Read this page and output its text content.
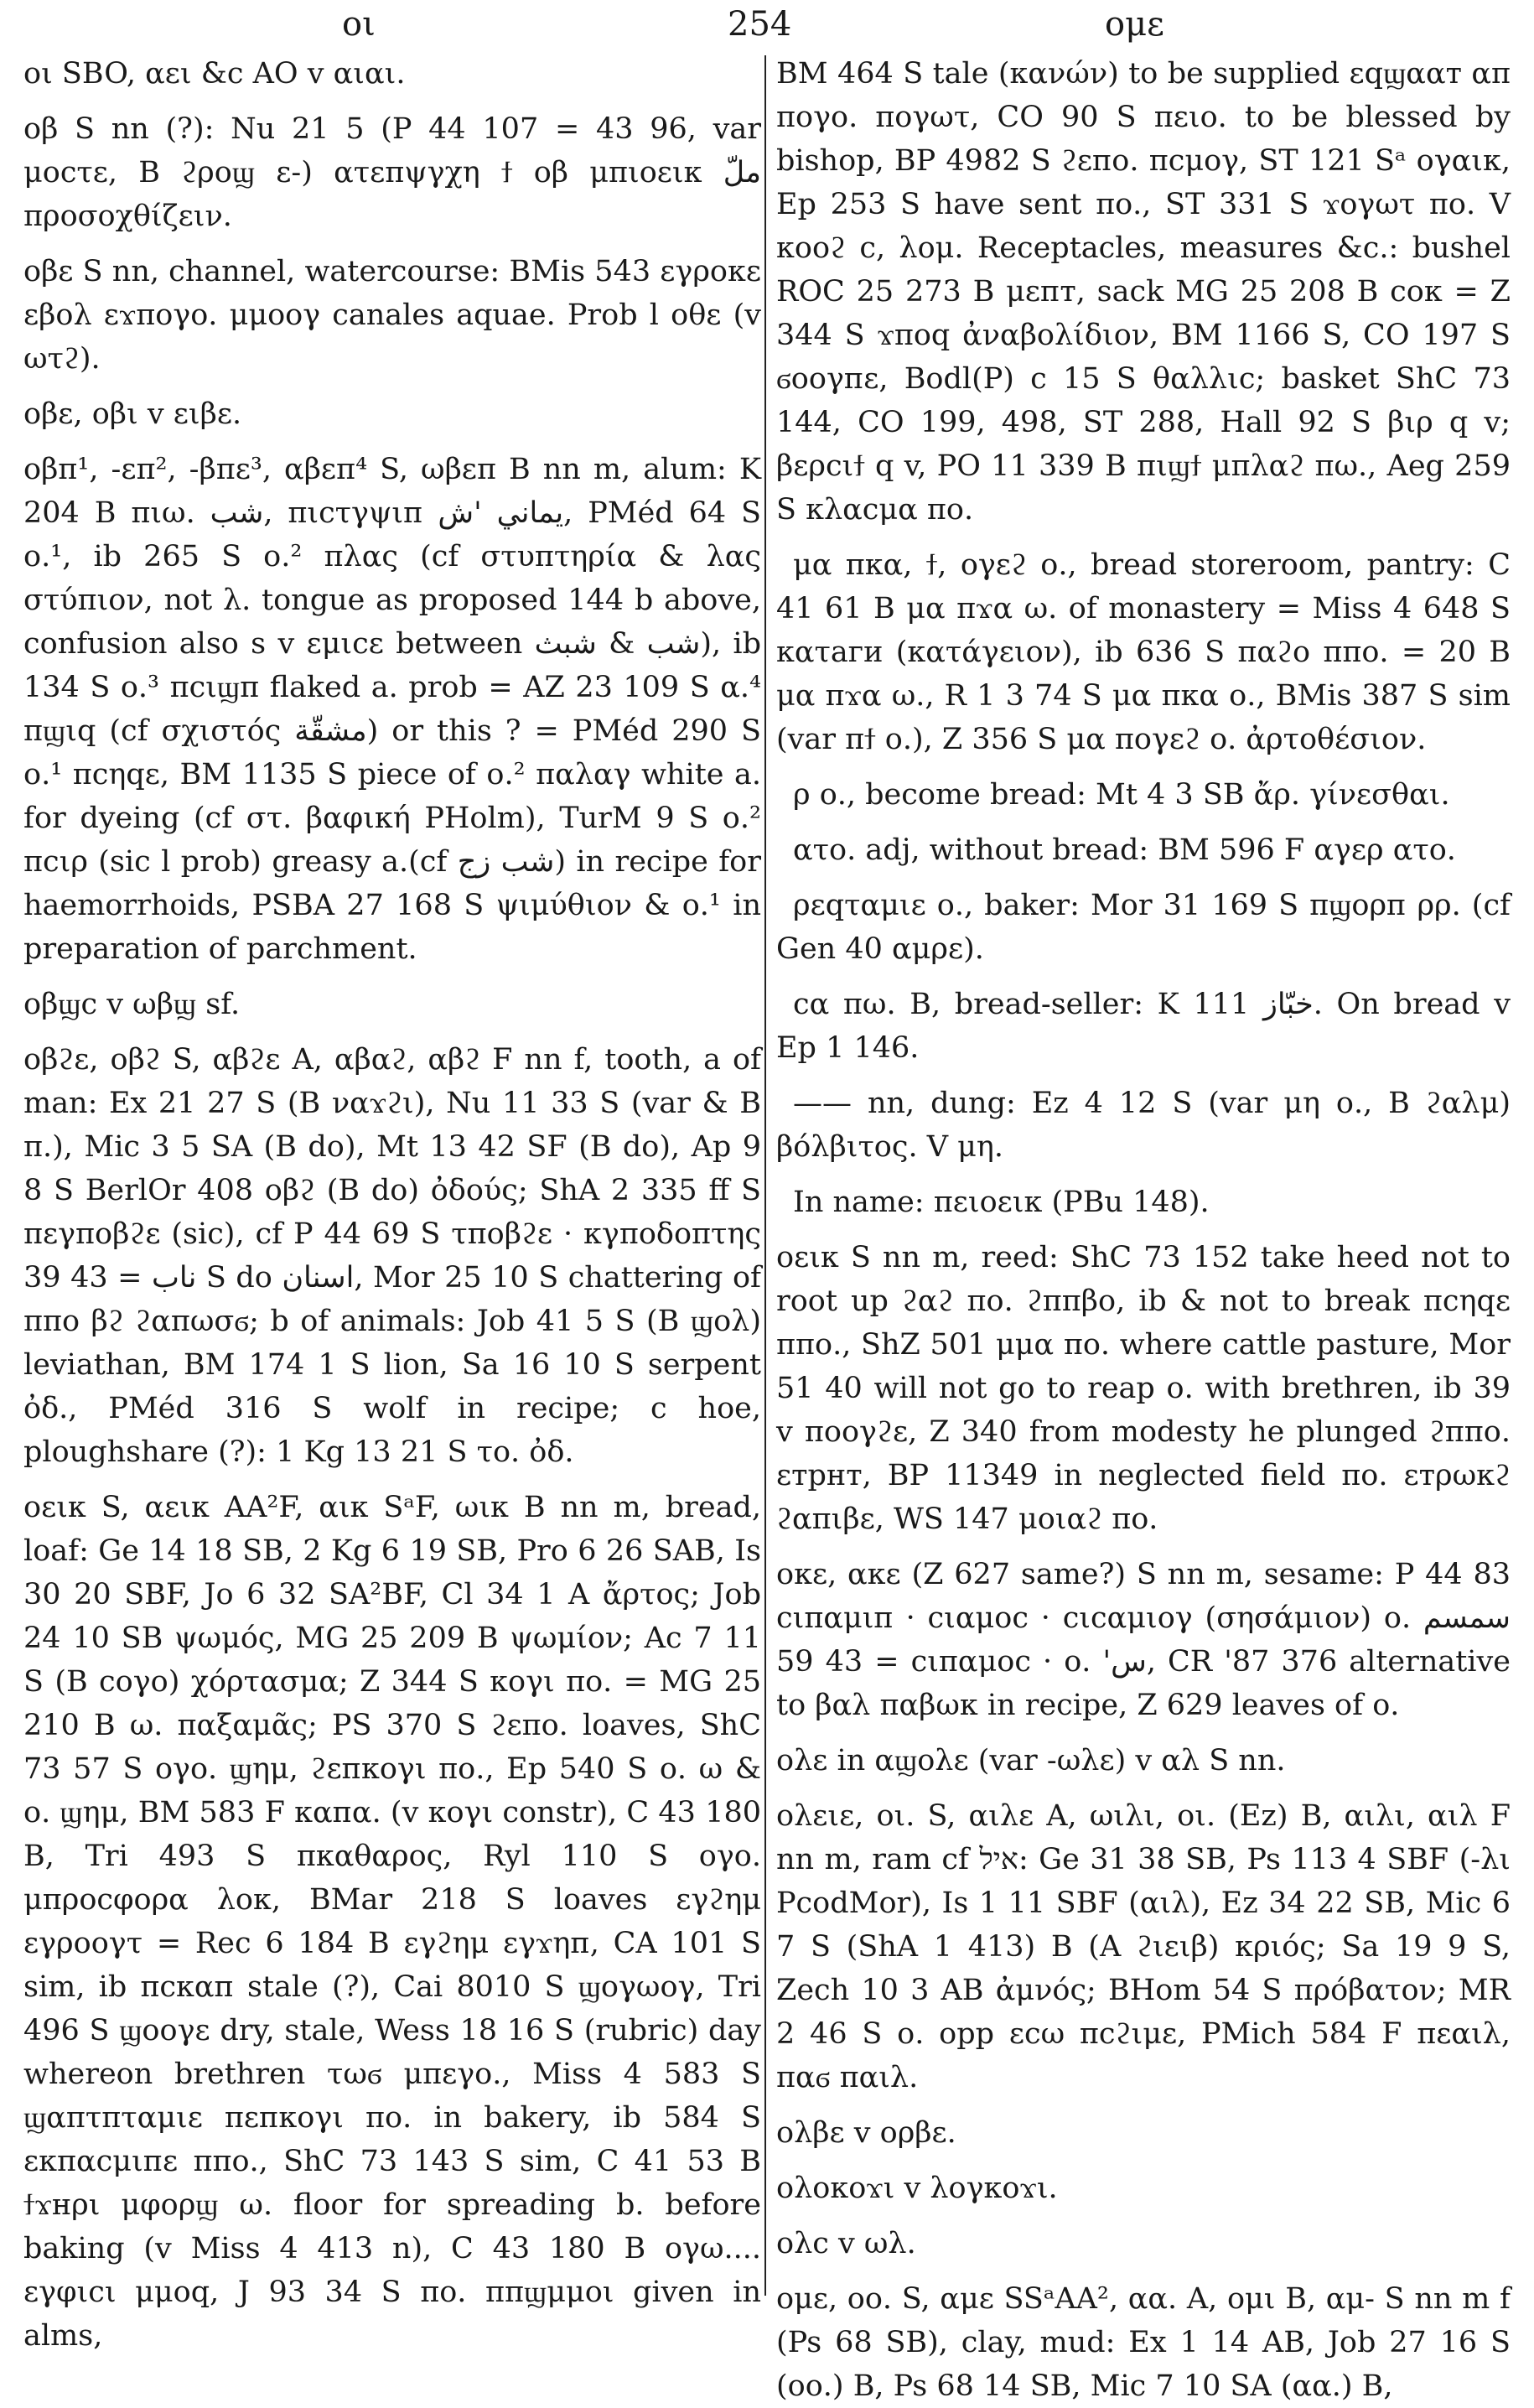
οι	254	ομε

οι SBO, αει &c AO v αιαι.

οβ S nn (?): Nu 21 5 (P 44 107 = 43 96, var μοcτε, B ϩροϣ ε-) ατεπψγχη ϯ οβ μπιοειк ملّ προσοχθίζειν.

οβε S nn, channel, watercourse: BMis 543 εγροκε εβολ εϫπογο. μμοογ canales aquae. Prob l οθε (v ωτϩ).

οβε, οβι v ειβε.

οβπ¹, -επ², -βπε³, αβεπ⁴ S, ωβεπ B nn m, alum: K 204 B πιω. شب, πιcτγψιп يماني 'ش, PMéd 64 S ο.¹, ib 265 S ο.² πλας (cf στυπτηρία & λας στύπιον, not λ. tongue as proposed 144 b above, confusion also s v εμιcε between شب & شبث), ib 134 S ο.³ πcιϣπ flaked a. prob = AZ 23 109 S α.⁴ πϣιq (cf σχιστός مشقّة) or this ? = PMéd 290 S ο.¹ πcηqε, BM 1135 S piece of ο.² παλαγ white a. for dyeing (cf στ. βαφική PHolm), TurM 9 S ο.² πcιρ (sic l prob) greasy a.(cf شب زج) in recipe for haemorrhoids, PSBA 27 168 S ψιμύθιον & ο.¹ in preparation of parchment.

οβϣc v ωβϣ sf.

οβϩε, οβϩ S, αβϩε A, αβαϩ, αβϩ F nn f, tooth, a of man: Ex 21 27 S (B ναϫϩι), Nu 11 33 S (var & B π.), Mic 3 5 SA (B do), Mt 13 42 SF (B do), Ap 9 8 S BerlOr 408 οβϩ (B do) ὀδούς; ShA 2 335 ff S πεγποβϩε (sic), cf P 44 69 S τποβϩε · κγποδοπτης ناب = 43 39 S do اسنان, Mor 25 10 S chattering of ππο βϩ ϩαπωσϭ; b of animals: Job 41 5 S (B ϣολ) leviathan, BM 174 1 S lion, Sa 16 10 S serpent ὀδ., PMéd 316 S wolf in recipe; c hoe, ploughshare (?): 1 Kg 13 21 S το. ὀδ.

οειк S, αειк AA²F, αιк SᵃF, ωιк B nn m, bread, loaf: Ge 14 18 SB, 2 Kg 6 19 SB, Pro 6 26 SAB, Is 30 20 SBF, Jo 6 32 SA²BF, Cl 34 1 A ἄρτος; Job 24 10 SB ψωμός, MG 25 209 B ψωμίον; Ac 7 11 S (B cογο) χόρτασμα; Z 344 S κογι πο. = MG 25 210 B ω. παξαμᾶς; PS 370 S ϩεπο. loaves, ShC 73 57 S ογο. ϣημ, ϩεпκογι πο., Ep 540 S ο. ω & ο. ϣημ, BM 583 F καпα. (v κογι constr), C 43 180 B, Tri 493 S πκαθαρος, Ryl 110 S ογο. μπροcφορα λοκ, BMar 218 S loaves εγϩημ εγροογτ = Rec 6 184 B εγϩημ εγϫηп, CA 101 S sim, ib πcкαп stale (?), Cai 8010 S ϣογωογ, Tri 496 S ϣοογε dry, stale, Wess 18 16 S (rubric) day whereon brethren τωϭ μπεγο., Miss 4 583 S ϣαπτπταμιε πεпκογι πο. in bakery, ib 584 S εκπαcμιпε ππο., ShC 73 143 S sim, C 41 53 B ϯϫнρι μφορϣ ω. floor for spreading b. before baking (v Miss 4 413 n), C 43 180 B ογω.... εγφιcι μμοq, J 93 34 S πο. ππϣμμοι given in alms,

BM 464 S tale (κανών) to be supplied εqϣααт απ πογο. πογωτ, CO 90 S πειο. to be blessed by bishop, BP 4982 S ϩεпο. πcμογ, ST 121 Sᵃ ογαικ, Ep 253 S have sent πο., ST 331 S ϫογωτ πο. V κοοϩ c, λομ. Receptacles, measures &c.: bushel ROC 25 273 B μεпт, sack MG 25 208 B cοк = Z 344 S ϫποq ἀναβολίδιον, BM 1166 S, CO 197 S ϭοογпε, Bodl(P) c 15 S θαλλιc; basket ShC 73 144, CO 199, 498, ST 288, Hall 92 S βιρ q v; βερcιϯ q v, PO 11 339 B πιϣϯ μπλαϩ πω., Aeg 259 S κλαcμα πο.

μα πκα, ϯ, ογεϩ ο., bread storeroom, pantry: C 41 61 B μα πϫα ω. of monastery = Miss 4 648 S κατаги (κατάγειον), ib 636 S παϩο ππο. = 20 B μα πϫα ω., R 1 3 74 S μα πκα ο., BMis 387 S sim (var πϯ ο.), Z 356 S μα πογεϩ ο. ἀρτοθέσιον.

ρ ο., become bread: Mt 4 3 SB ἄρ. γίνεσθαι.

ατο. adj, without bread: BM 596 F αγερ ατο.

ρεqταμιε ο., baker: Mor 31 169 S πϣορп ρρ. (cf Gen 40 αμρε).

cα πω. B, bread-seller: K 111 خبّاز. On bread v Ep 1 146.

—— nn, dung: Ez 4 12 S (var μη ο., B ϩαλμ) βόλβιτος. V μη.

In name: πειοειк (PBu 148).

οειк S nn m, reed: ShC 73 152 take heed not to root up ϩαϩ πο. ϩππβο, ib & not to break πcηqε ππο., ShZ 501 μμα πο. where cattle pasture, Mor 51 40 will not go to reap ο. with brethren, ib 39 v ποογϩε, Z 340 from modesty he plunged ϩππο. εтрнт, BP 11349 in neglected field πο. εтρωкϩ ϩαπιβε, WS 147 μοιαϩ πο.

οκε, ακε (Z 627 same?) S nn m, sesame: P 44 83 cιπαμιп · cιαμοc · cιcαμιογ (σησάμιον) ο. سمسم = 43 59 cιπαμοc · ο. 'س, CR '87 376 alternative to βαλ παβωκ in recipe, Z 629 leaves of ο.

ολε in αϣολε (var -ωλε) v αλ S nn.

ολειε, οι. S, αιλε A, ωιλι, οι. (Ez) B, αιλι, αιλ F nn m, ram cf איל: Ge 31 38 SB, Ps 113 4 SBF (-λι PcodMor), Is 1 11 SBF (αιλ), Ez 34 22 SB, Mic 6 7 S (ShA 1 413) B (A ϩιειβ) κριός; Sa 19 9 S, Zech 10 3 AB ἀμνός; BHom 54 S πρόβατον; MR 2 46 S ο. opp εcω πcϩιμε, PMich 584 F πεαιλ, παϭ παιλ.

ολβε v ορβε.

ολοκοϫι v λογκοϫι.

ολc v ωλ.

ομε, οο. S, αμε SSᵃAA², αα. A, ομι B, αμ- S nn m f (Ps 68 SB), clay, mud: Ex 1 14 AB, Job 27 16 S (οο.) B, Ps 68 14 SB, Mic 7 10 SA (αα.) B,
